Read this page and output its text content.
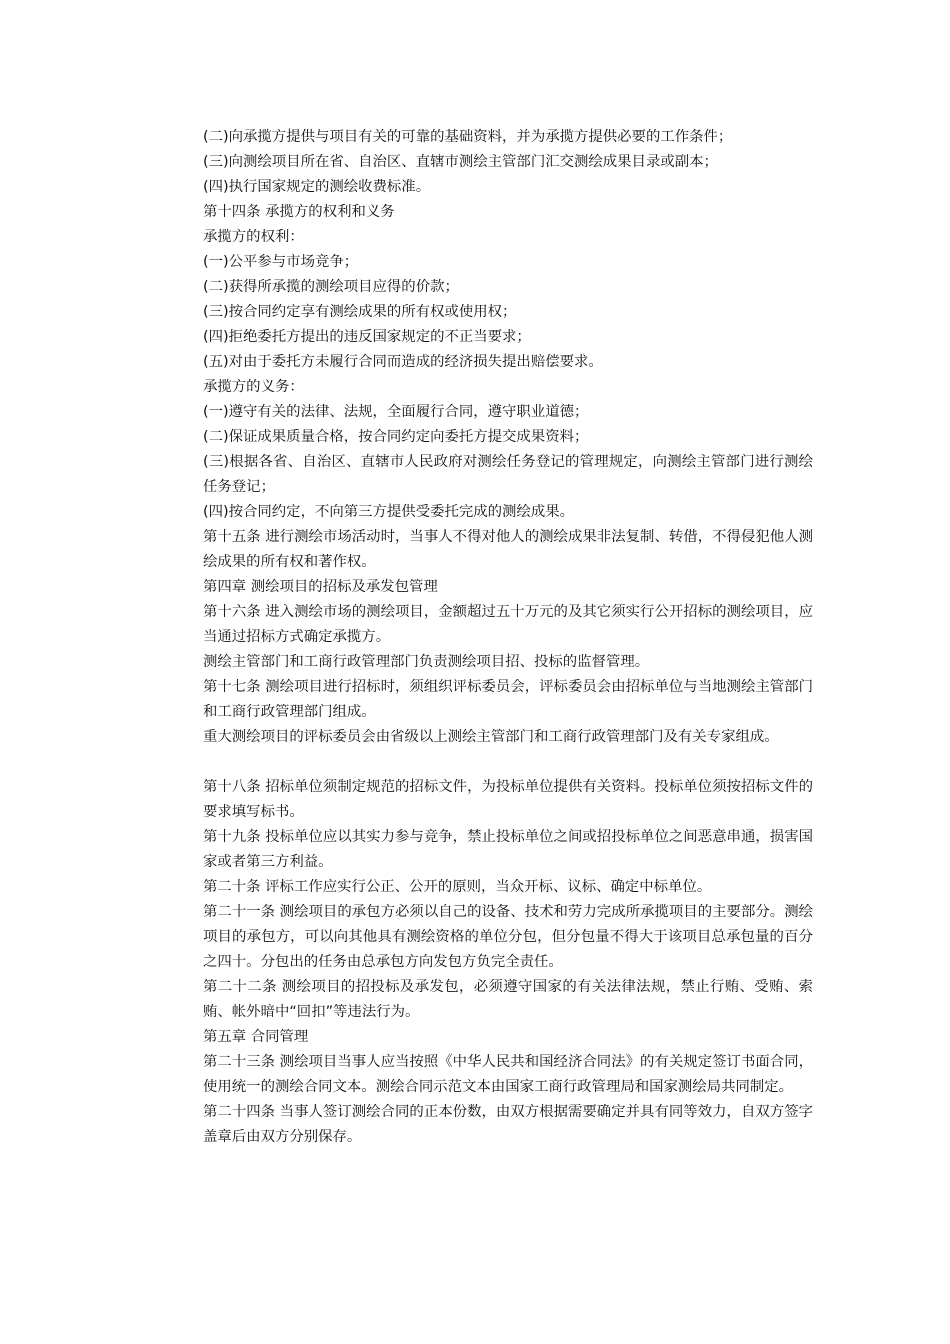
(二)向承揽方提供与项目有关的可靠的基础资料，并为承揽方提供必要的工作条件；

(三)向测绘项目所在省、自治区、直辖市测绘主管部门汇交测绘成果目录或副本；

(四)执行国家规定的测绘收费标准。

第十四条 承揽方的权利和义务

承揽方的权利：

(一)公平参与市场竞争；

(二)获得所承揽的测绘项目应得的价款；

(三)按合同约定享有测绘成果的所有权或使用权；

(四)拒绝委托方提出的违反国家规定的不正当要求；

(五)对由于委托方未履行合同而造成的经济损失提出赔偿要求。

承揽方的义务：

(一)遵守有关的法律、法规，全面履行合同，遵守职业道德；

(二)保证成果质量合格，按合同约定向委托方提交成果资料；

(三)根据各省、自治区、直辖市人民政府对测绘任务登记的管理规定，向测绘主管部门进行测绘任务登记；

(四)按合同约定，不向第三方提供受委托完成的测绘成果。

第十五条 进行测绘市场活动时，当事人不得对他人的测绘成果非法复制、转借，不得侵犯他人测绘成果的所有权和著作权。

第四章 测绘项目的招标及承发包管理

第十六条 进入测绘市场的测绘项目，金额超过五十万元的及其它须实行公开招标的测绘项目，应当通过招标方式确定承揽方。

测绘主管部门和工商行政管理部门负责测绘项目招、投标的监督管理。

第十七条 测绘项目进行招标时，须组织评标委员会，评标委员会由招标单位与当地测绘主管部门和工商行政管理部门组成。

重大测绘项目的评标委员会由省级以上测绘主管部门和工商行政管理部门及有关专家组成。

第十八条 招标单位须制定规范的招标文件，为投标单位提供有关资料。投标单位须按招标文件的要求填写标书。

第十九条 投标单位应以其实力参与竞争，禁止投标单位之间或招投标单位之间恶意串通，损害国家或者第三方利益。

第二十条 评标工作应实行公正、公开的原则，当众开标、议标、确定中标单位。

第二十一条 测绘项目的承包方必须以自己的设备、技术和劳力完成所承揽项目的主要部分。测绘项目的承包方，可以向其他具有测绘资格的单位分包，但分包量不得大于该项目总承包量的百分之四十。分包出的任务由总承包方向发包方负完全责任。

第二十二条 测绘项目的招投标及承发包，必须遵守国家的有关法律法规，禁止行贿、受贿、索贿、帐外暗中“回扣”等违法行为。

第五章 合同管理

第二十三条 测绘项目当事人应当按照《中华人民共和国经济合同法》的有关规定签订书面合同，使用统一的测绘合同文本。测绘合同示范文本由国家工商行政管理局和国家测绘局共同制定。

第二十四条 当事人签订测绘合同的正本份数，由双方根据需要确定并具有同等效力，自双方签字盖章后由双方分别保存。
